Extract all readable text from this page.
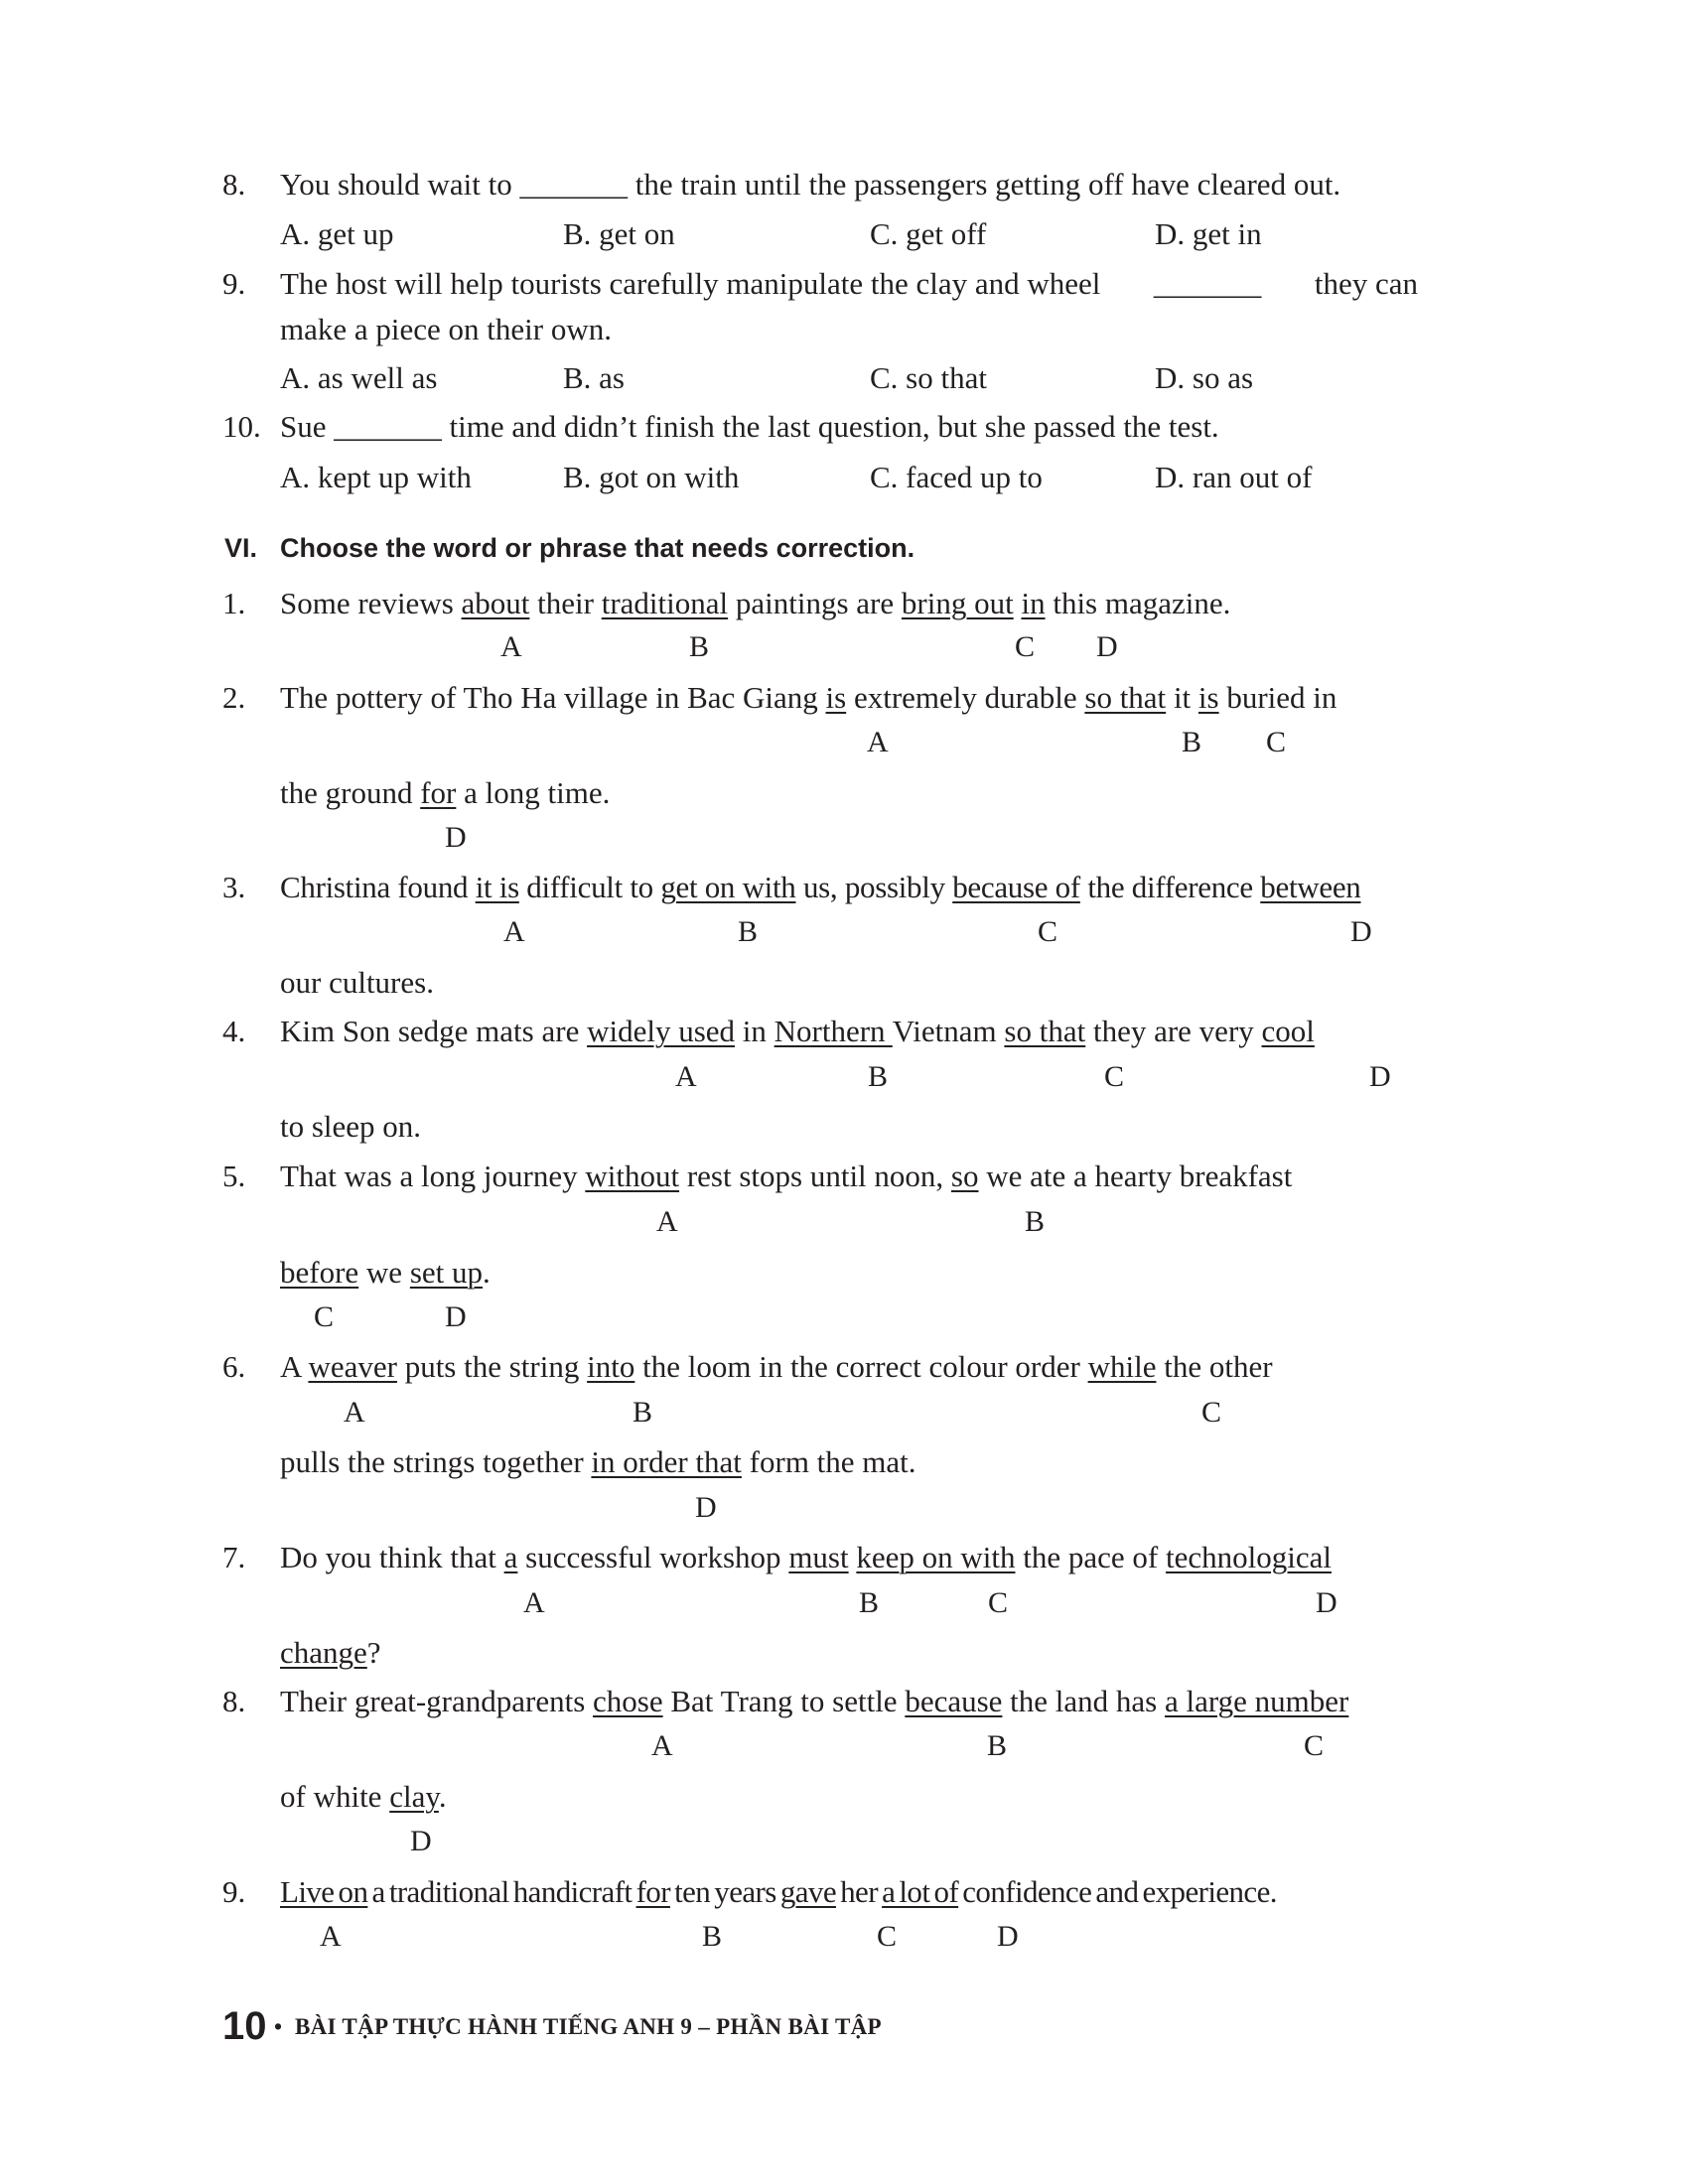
8. You should wait to _______ the train until the passengers getting off have cleared out.
A. get up	B. get on	C. get off	D. get in
9. The host will help tourists carefully manipulate the clay and wheel _______ they can
make a piece on their own.
A. as well as	B. as	C. so that	D. so as
10. Sue _______ time and didn’t finish the last question, but she passed the test.
A. kept up with	B. got on with	C. faced up to	D. ran out of
VI. Choose the word or phrase that needs correction.
1. Some reviews about their traditional paintings are bring out in this magazine.
A	B	C D
2. The pottery of Tho Ha village in Bac Giang is extremely durable so that it is buried in
A	B C
the ground for a long time.
D
3. Christina found it is difficult to get on with us, possibly because of the difference between
A	B	C	D
our cultures.
4. Kim Son sedge mats are widely used in Northern Vietnam so that they are very cool
A	B	C	D
to sleep on.
5. That was a long journey without rest stops until noon, so we ate a hearty breakfast
A	B
before we set up.
C	D
6. A weaver puts the string into the loom in the correct colour order while the other
A	B	C
pulls the strings together in order that form the mat.
D
7. Do you think that a successful workshop must keep on with the pace of technological
A	B	C	D
change?
8. Their great-grandparents chose Bat Trang to settle because the land has a large number
A	B	C
of white clay.
D
9. Live on a traditional handicraft for ten years gave her a lot of confidence and experience.
A	B	C	D
10 • BÀI TẬP THỰC HÀNH TIẾNG ANH 9 – PHẦN BÀI TẬP
